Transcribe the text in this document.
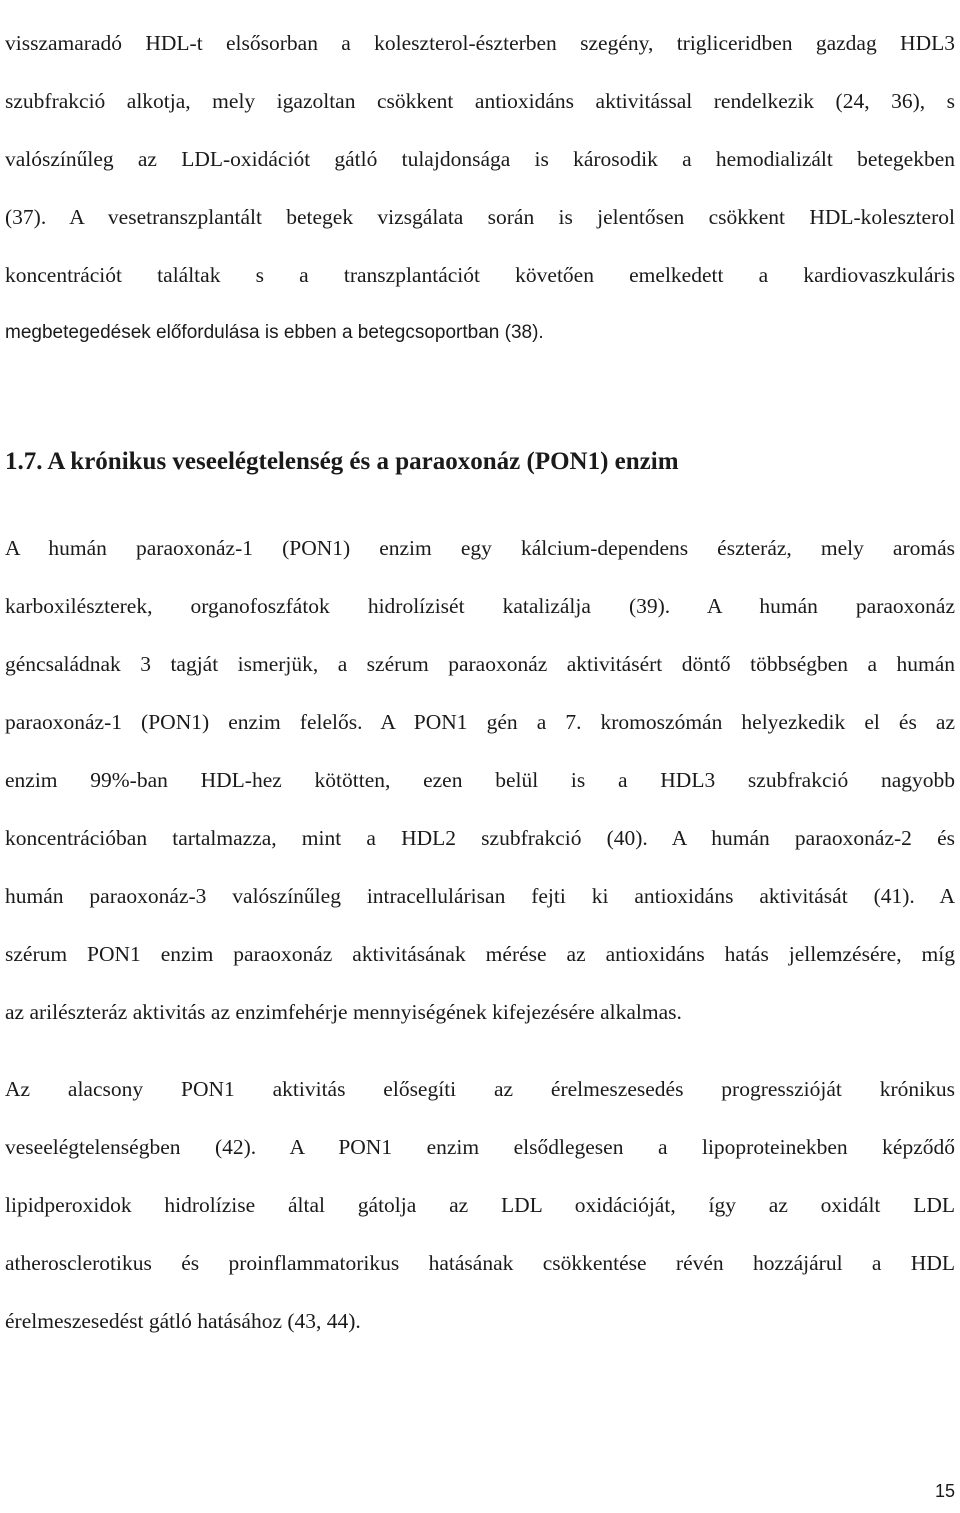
visszamaradó HDL-t elsősorban a koleszterol-észterben szegény, trigliceridben gazdag HDL3
szubfrakció alkotja, mely igazoltan csökkent antioxidáns aktivitással rendelkezik (24, 36), s
valószínűleg az LDL-oxidációt gátló tulajdonsága is károsodik a hemodializált betegekben
(37). A vesetranszplantált betegek vizsgálata során is jelentősen csökkent HDL-koleszterol
koncentrációt találtak s a transzplantációt követően emelkedett a kardiovaszkuláris
megbetegedések előfordulása is ebben a betegcsoportban (38).
1.7. A krónikus veseelégtelenség és a paraoxonáz (PON1) enzim
A humán paraoxonáz-1 (PON1) enzim egy kálcium-dependens észteráz, mely aromás
karboxilészterek, organofoszfátok hidrolízisét katalizálja (39). A humán paraoxonáz
géncsaládnak 3 tagját ismerjük, a szérum paraoxonáz aktivitásért döntő többségben a humán
paraoxonáz-1 (PON1) enzim felelős. A PON1 gén a 7. kromoszómán helyezkedik el és az
enzim 99%-ban HDL-hez kötötten, ezen belül is a HDL3 szubfrakció nagyobb
koncentrációban tartalmazza, mint a HDL2 szubfrakció (40). A humán paraoxonáz-2 és
humán paraoxonáz-3 valószínűleg intracellulárisan fejti ki antioxidáns aktivitását (41). A
szérum PON1 enzim paraoxonáz aktivitásának mérése az antioxidáns hatás jellemzésére, míg
az arilészteráz aktivitás az enzimfehérje mennyiségének kifejezésére alkalmas.
Az alacsony PON1 aktivitás elősegíti az érelmeszesedés progresszióját krónikus
veseelégtelenségben (42). A PON1 enzim elsődlegesen a lipoproteinekben képződő
lipidperoxidok hidrolízise által gátolja az LDL oxidációját, így az oxidált LDL
atherosclerotikus és proinflammatorikus hatásának csökkentése révén hozzájárul a HDL
érelmeszesedést gátló hatásához (43, 44).
15
